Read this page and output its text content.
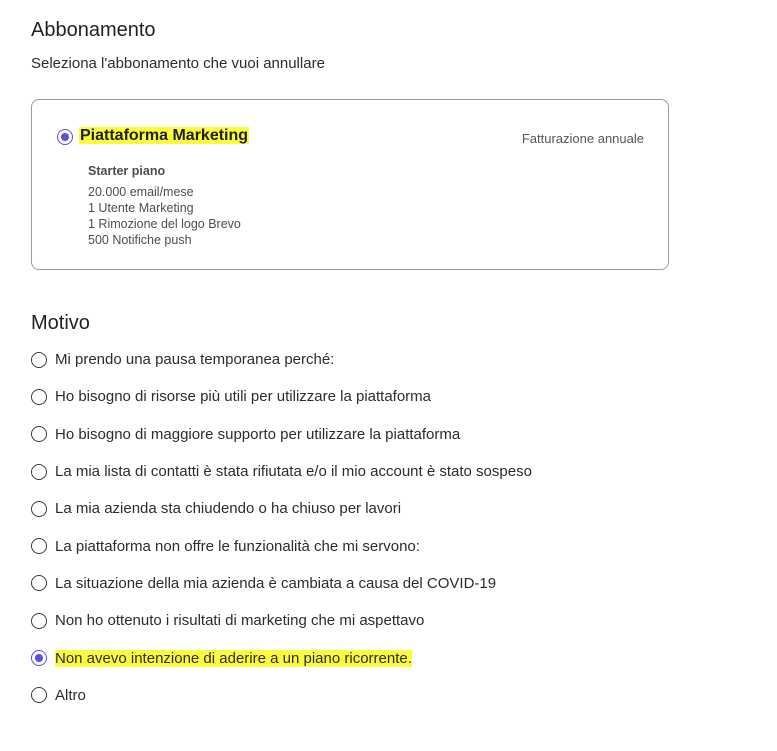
Abbonamento
Seleziona l'abbonamento che vuoi annullare
Piattaforma Marketing	Fatturazione annuale
Starter piano
20.000 email/mese
1 Utente Marketing
1 Rimozione del logo Brevo
500 Notifiche push
Motivo
Mi prendo una pausa temporanea perché:
Ho bisogno di risorse più utili per utilizzare la piattaforma
Ho bisogno di maggiore supporto per utilizzare la piattaforma
La mia lista di contatti è stata rifiutata e/o il mio account è stato sospeso
La mia azienda sta chiudendo o ha chiuso per lavori
La piattaforma non offre le funzionalità che mi servono:
La situazione della mia azienda è cambiata a causa del COVID-19
Non ho ottenuto i risultati di marketing che mi aspettavo
Non avevo intenzione di aderire a un piano ricorrente.
Altro
